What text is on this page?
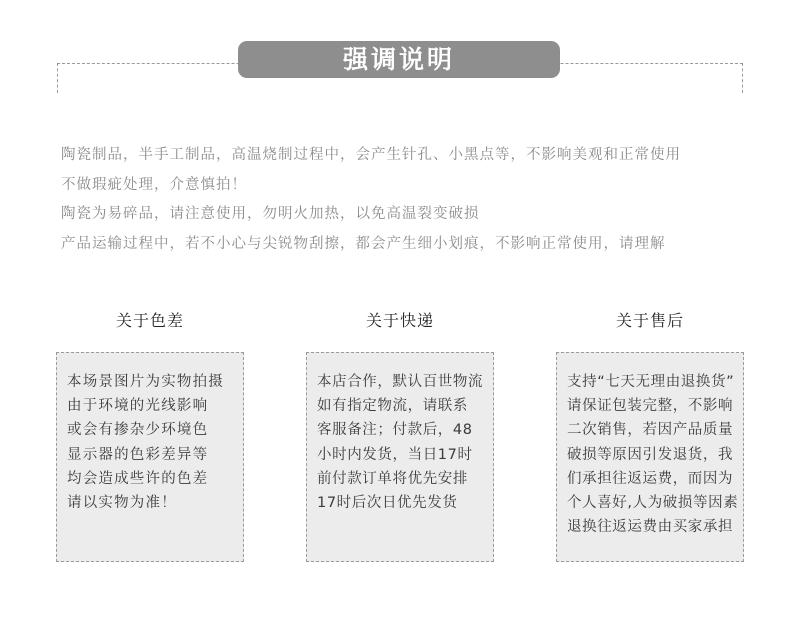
强调说明
陶瓷制品，半手工制品，高温烧制过程中，会产生针孔、小黑点等，不影响美观和正常使用
不做瑕疵处理，介意慎拍！
陶瓷为易碎品，请注意使用，勿明火加热，以免高温裂变破损
产品运输过程中，若不小心与尖锐物刮擦，都会产生细小划痕，不影响正常使用，请理解
关于色差
本场景图片为实物拍摄
由于环境的光线影响
或会有掺杂少环境色
显示器的色彩差异等
均会造成些许的色差
请以实物为准！
关于快递
本店合作，默认百世物流
如有指定物流，请联系
客服备注；付款后，48
小时内发货，当日17时
前付款订单将优先安排
17时后次日优先发货
关于售后
支持“七天无理由退换货”
请保证包装完整，不影响
二次销售，若因产品质量
破损等原因引发退货，我
们承担往返运费，而因为
个人喜好,人为破损等因素
退换往返运费由买家承担
